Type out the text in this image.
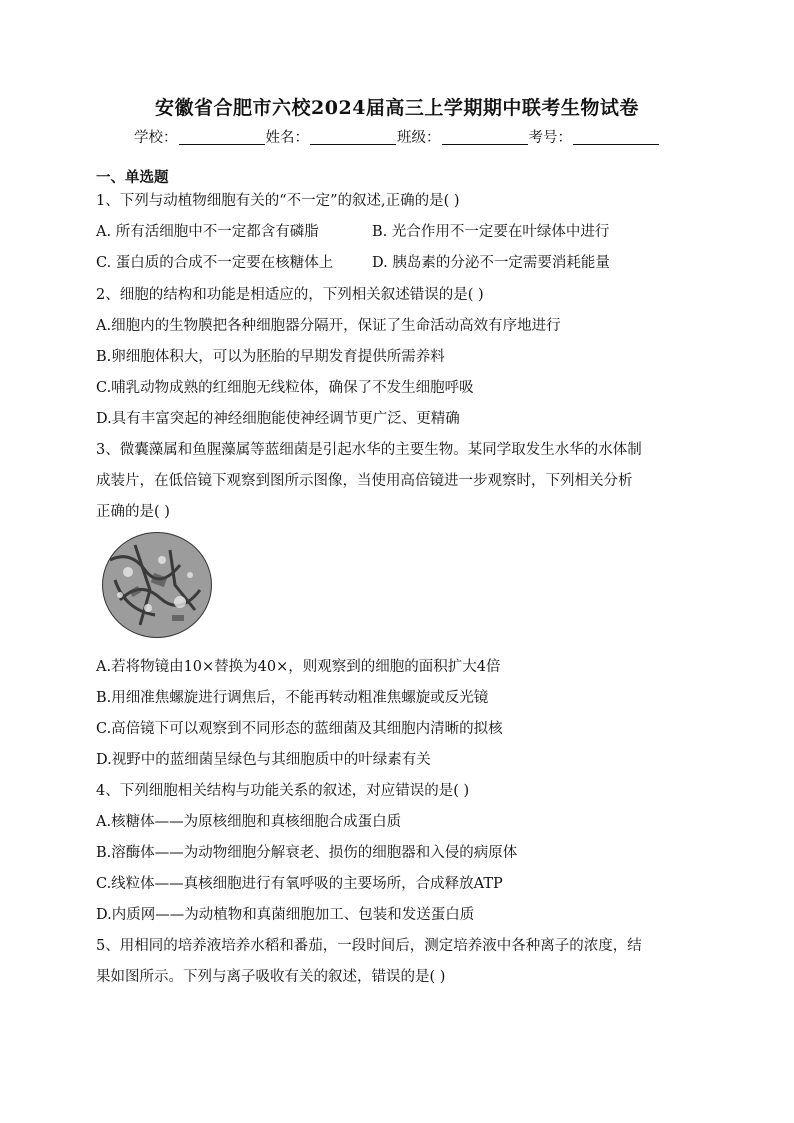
安徽省合肥市六校2024届高三上学期期中联考生物试卷
学校：	姓名：	班级：	考号：
一、单选题
1、下列与动植物细胞有关的“不一定”的叙述,正确的是( )
A. 所有活细胞中不一定都含有磷脂	B. 光合作用不一定要在叶绿体中进行
C. 蛋白质的合成不一定要在核糖体上	D. 胰岛素的分泌不一定需要消耗能量
2、细胞的结构和功能是相适应的，下列相关叙述错误的是( )
A.细胞内的生物膜把各种细胞器分隔开，保证了生命活动高效有序地进行
B.卵细胞体积大，可以为胚胎的早期发育提供所需养料
C.哺乳动物成熟的红细胞无线粒体，确保了不发生细胞呼吸
D.具有丰富突起的神经细胞能使神经调节更广泛、更精确
3、微囊藻属和鱼腥藻属等蓝细菌是引起水华的主要生物。某同学取发生水华的水体制
成装片，在低倍镜下观察到图所示图像，当使用高倍镜进一步观察时，下列相关分析
正确的是( )
A.若将物镜由10×替换为40×，则观察到的细胞的面积扩大4倍
B.用细准焦螺旋进行调焦后，不能再转动粗准焦螺旋或反光镜
C.高倍镜下可以观察到不同形态的蓝细菌及其细胞内清晰的拟核
D.视野中的蓝细菌呈绿色与其细胞质中的叶绿素有关
4、下列细胞相关结构与功能关系的叙述，对应错误的是( )
A.核糖体——为原核细胞和真核细胞合成蛋白质
B.溶酶体——为动物细胞分解衰老、损伤的细胞器和入侵的病原体
C.线粒体——真核细胞进行有氧呼吸的主要场所，合成释放ATP
D.内质网——为动植物和真菌细胞加工、包装和发送蛋白质
5、用相同的培养液培养水稻和番茄，一段时间后，测定培养液中各种离子的浓度，结
果如图所示。下列与离子吸收有关的叙述，错误的是( )
